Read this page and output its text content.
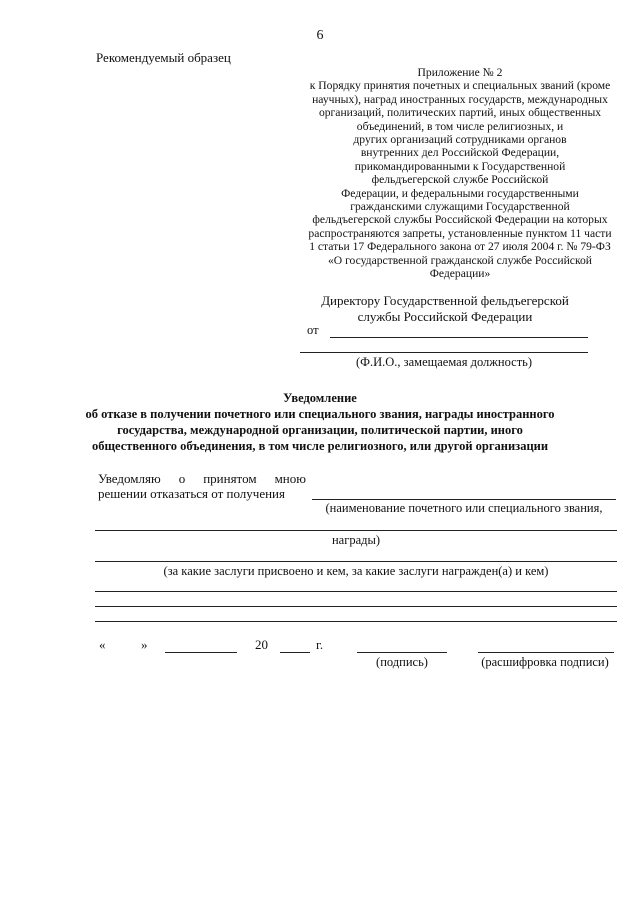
6
Рекомендуемый образец
Приложение № 2
к Порядку принятия почетных и специальных званий (кроме
научных), наград иностранных государств, международных
организаций, политических партий, иных общественных
объединений, в том числе религиозных, и
других организаций сотрудниками органов
внутренних дел Российской Федерации,
прикомандированными к Государственной
фельдъегерской службе Российской
Федерации, и федеральными государственными
гражданскими служащими Государственной
фельдъегерской службы Российской Федерации на которых
распространяются запреты, установленные пунктом 11 части
1 статьи 17 Федерального закона от 27 июля 2004 г. № 79-ФЗ
«О государственной гражданской службе Российской
Федерации»
Директору Государственной фельдъегерской
службы Российской Федерации
от
(Ф.И.О., замещаемая должность)
Уведомление
об отказе в получении почетного или специального звания, награды иностранного
государства, международной организации, политической партии, иного
общественного объединения, в том числе религиозного, или другой организации
Уведомляю о принятом мною
решении отказаться от получения
(наименование почетного или специального звания,
награды)
(за какие заслуги присвоено и кем, за какие заслуги награжден(а) и кем)
«	»	20	г.
(подпись)	(расшифровка подписи)
